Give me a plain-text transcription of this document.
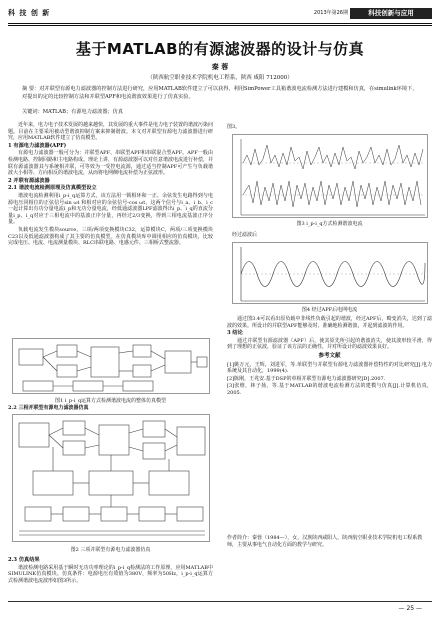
科 技 创 新	2013年第26期	科技创新与应用
基于MATLAB的有源滤波器的设计与仿真
秦 蓉
（陕西航空职业技术学院机电工程系，陕西 咸阳 712000）
摘 要：对并联型有源电力滤波器的控制方法进行研究，应用MATLAB软件建立了可以获得，利用SimPower工具箱谐波电流检测方法进行建模和仿真，在simulink环境下，对提出的定的比较控制方法和并联型APF和电流谐波效果进行了仿真实验。
关键词：MATLAB；有源电力滤波器；仿真

近年来，电力电子技术发展的越来越快，其发展的重大事件是电力电子装置的谐波污染问题。目前在主要采用被动型谐波抑制方案来抑制谐波。本文对并联型有源电力滤波器进行研究，应用MATLAB软件建立了仿真模型。

1 有源电力滤波器(APF)

有源电力滤波器一般可分为：并联型APF、串联型APF和串联混合型APF。APF一般由检测电路、控制回路和主电路构成。理论上讲，有源滤波器可以对任意谐波电流进行补偿，并联有源滤波器其与系统相并联，可等效为一受控电流源，通过适当控制APF可产生与负载谐波大小相等、方向相反的谐波电流，从而将电网侧电流补偿为正弦波形。

2 并联有源滤波器
2.1 谐波电流检测原理及仿真模型设立

谐波电流检测利用i_p-i_q运算方式，该方法用一锁相环和一正、余弦发生电路得到与电源电压同相位的正弦信号sin ωt 和相对应的余弦信号-cos ωt，这两个信号与i_a、i_b、i_c一起计算出有功分量电流i_p和无功分量电流，经低通滤波器LPF滤波得出i_p、i_q的直流分量i_p、i_q对应于三相电流中的基波正序分量，再经过2/3变换，得到三相电流基波正序分量。

负载电流发生模块source，三项/两项变换模块C32，运算模块C，两项/三项变换模块C23以及低通滤波器构成了其主要的仿真模型。在仿真模块库中调用相应的仿真模块，比较完成电压、电流、电流测量模块、RLC串联电路、电感元件、三相桥式整流器。

图1 i_p-i_q运算方式检测谐波电流的整体仿真模型
2.2 三相并联型有源电力滤波器仿真
图2 三项并联型有源电力滤波器仿真
2.3 仿真结果

谐波检测电路采用基于瞬时无功功率理论的i_p-i_q检测法的工作原理，应用MATLAB中SIMULINK仿真模块。仿真条件：电源电压有效值为380V，频率为50Hz，i_p-i_q运算方式检测谐波电流波形如图3所示。

图3。
图3 i_p-i_q方式检测谐波电流
经过滤波后
图4 经过APF后电网电流

通过图3.4可以看出原负载中非线性负载引起的谐波，经过APF后，畸变消失，达到了滤波的效果。所设计的并联型APF能够及时、准确地检测谐波，并起到滤波的作用。

3 结论

通过并联型有源滤波器（APF）后，使其原先所引起的谐波消失，使其波形较平滑，得到了理想的正弦波，验证了该方法的正确性，并对所设计的滤波效果良好。

参考文献
[1]姚万元，王辉，刘进军，等.单联型与并联型有源电力滤波器补偿特性的对比研究[J].电力系统及其自动化，1999(4).
[2]陈刚，王兆安.基于DSP的单相并联型有源电力滤波器研究[D].2007.
[3]张维，林子扬，等.基于MATLAB的谐波电流检测方法的建模与仿真[J].计算机仿真，2005.
作者简介：秦蓉（1984—），女，汉族陕西咸阳人，陕西航空职业技术学院机电工程系教师，主要从事电气自动化方面的教学与研究。
— 25 —
